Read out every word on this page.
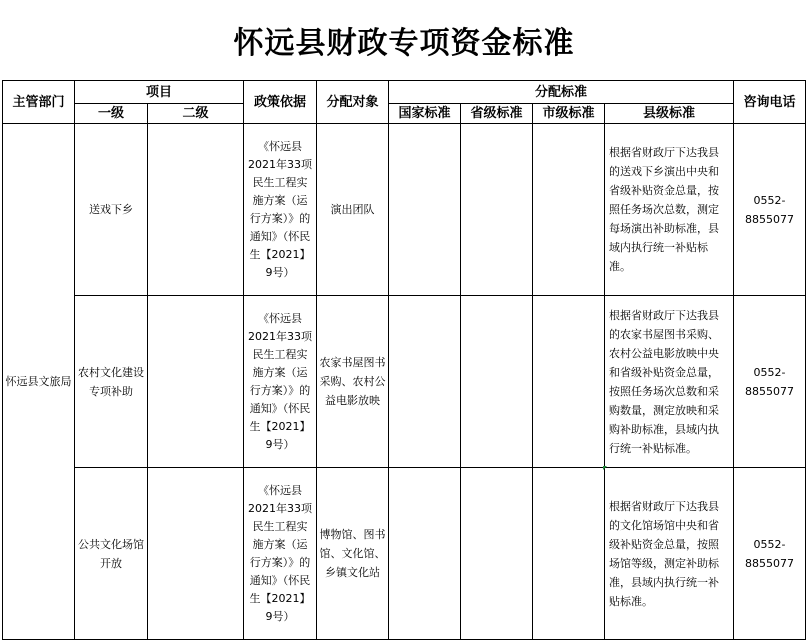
怀远县财政专项资金标准
主管部门	项目		政策依据	分配对象	分配标准				咨询电话
	一级	二级			国家标准	省级标准	市级标准	县级标准	
怀远县文旅局	送戏下乡		《怀远县2021年33项民生工程实施方案（运行方案）》的通知》（怀民生【2021】9号）	演出团队				根据省财政厅下达我县的送戏下乡演出中央和省级补贴资金总量，按照任务场次总数，测定每场演出补助标准，县域内执行统一补贴标准。	0552-8855077
	农村文化建设专项补助		《怀远县2021年33项民生工程实施方案（运行方案）》的通知》（怀民生【2021】9号）	农家书屋图书采购、农村公益电影放映				根据省财政厅下达我县的农家书屋图书采购、农村公益电影放映中央和省级补贴资金总量，按照任务场次总数和采购数量，测定放映和采购补助标准，县域内执行统一补贴标准。	0552-8855077
	公共文化场馆开放		《怀远县2021年33项民生工程实施方案（运行方案）》的通知》（怀民生【2021】9号）	博物馆、图书馆、文化馆、乡镇文化站				根据省财政厅下达我县的文化馆场馆中央和省级补贴资金总量，按照场馆等级，测定补助标准，县域内执行统一补贴标准。	0552-8855077
